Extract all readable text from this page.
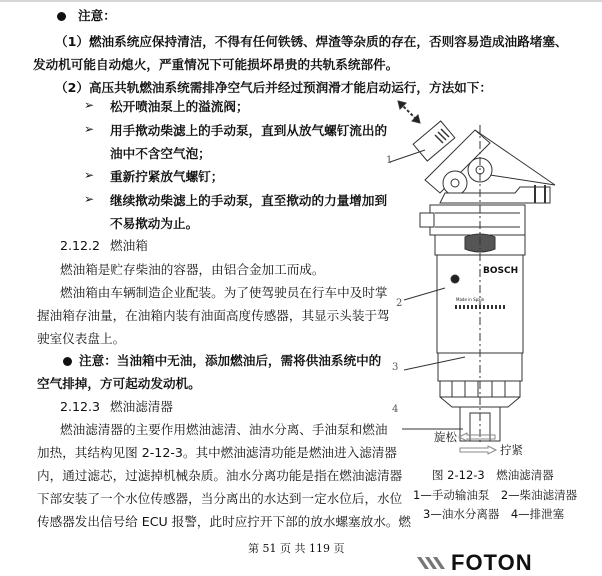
注意：
（1）燃油系统应保持清洁，不得有任何铁锈、焊渣等杂质的存在，否则容易造成油路堵塞、
发动机可能自动熄火，严重情况下可能损坏昂贵的共轨系统部件。
（2）高压共轨燃油系统需排净空气后并经过预润滑才能启动运行，方法如下：
➢ 松开喷油泵上的溢流阀；
➢ 用手揿动柴滤上的手动泵，直到从放气螺钉流出的
油中不含空气泡；
➢ 重新拧紧放气螺钉；
➢ 继续揿动柴滤上的手动泵，直至揿动的力量增加到
不易揿动为止。
2.12.2 燃油箱
燃油箱是贮存柴油的容器，由铝合金加工而成。
燃油箱由车辆制造企业配装。为了使驾驶员在行车中及时掌
握油箱存油量，在油箱内装有油面高度传感器，其显示头装于驾
驶室仪表盘上。
注意：当油箱中无油，添加燃油后，需将供油系统中的
空气排掉，方可起动发动机。
2.12.3 燃油滤清器
燃油滤清器的主要作用燃油滤清、油水分离、手油泵和燃油
加热，其结构见图 2-12-3。其中燃油滤清功能是燃油进入滤清器
内，通过滤芯，过滤掉机械杂质。油水分离功能是指在燃油滤清器
下部安装了一个水位传感器，当分离出的水达到一定水位后，水位
传感器发出信号给 ECU 报警，此时应拧开下部的放水螺塞放水。燃
BOSCH
Made in Spain
1
2
3
4
旋松
拧紧
图 2-12-3　燃油滤清器
1—手动输油泵　2—柴油滤清器
3—油水分离器　4—排泄塞
第 51 页 共 119 页
FOTON
